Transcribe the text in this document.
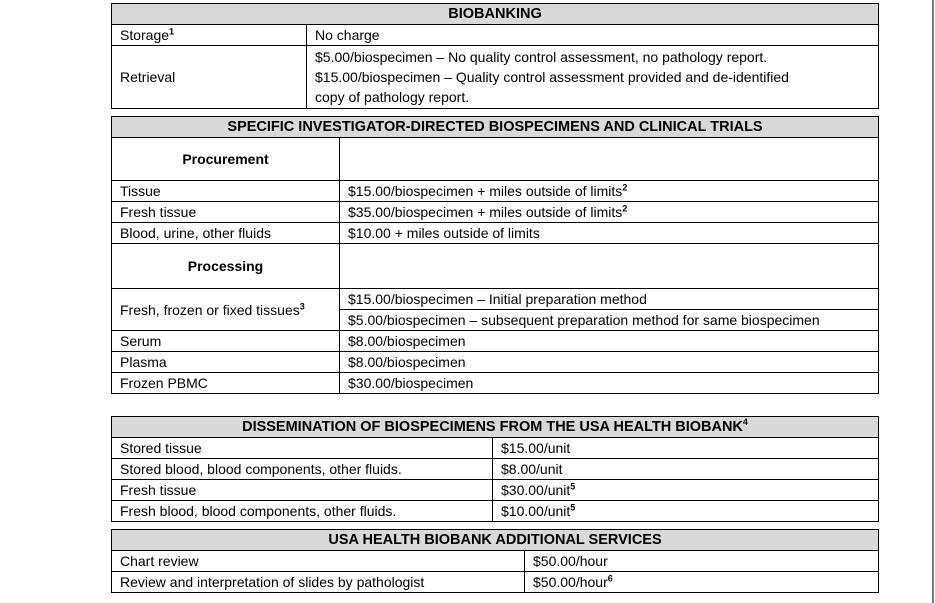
BIOBANKING	
Storage$^1$	No charge
Retrieval	$5.00/biospecimen – No quality control assessment, no pathology report.
$15.00/biospecimen – Quality control assessment provided and de-identified
copy of pathology report.
SPECIFIC INVESTIGATOR-DIRECTED BIOSPECIMENS AND CLINICAL TRIALS	
Procurement	
Tissue	$15.00/biospecimen + miles outside of limits$^2$
Fresh tissue	$35.00/biospecimen + miles outside of limits$^2$
Blood, urine, other fluids	$10.00 + miles outside of limits
Processing	
Fresh, frozen or fixed tissues$^3$	$15.00/biospecimen – Initial preparation method
	$5.00/biospecimen – subsequent preparation method for same biospecimen
Serum	$8.00/biospecimen
Plasma	$8.00/biospecimen
Frozen PBMC	$30.00/biospecimen
DISSEMINATION OF BIOSPECIMENS FROM THE USA HEALTH BIOBANK$^4$
Stored tissue	$15.00/unit
Stored blood, blood components, other fluids.	$8.00/unit
Fresh tissue	$30.00/unit$^5$
Fresh blood, blood components, other fluids.	$10.00/unit$^5$
USA HEALTH BIOBANK ADDITIONAL SERVICES	
Chart review	$50.00/hour
Review and interpretation of slides by pathologist	$50.00/hour$^6$
